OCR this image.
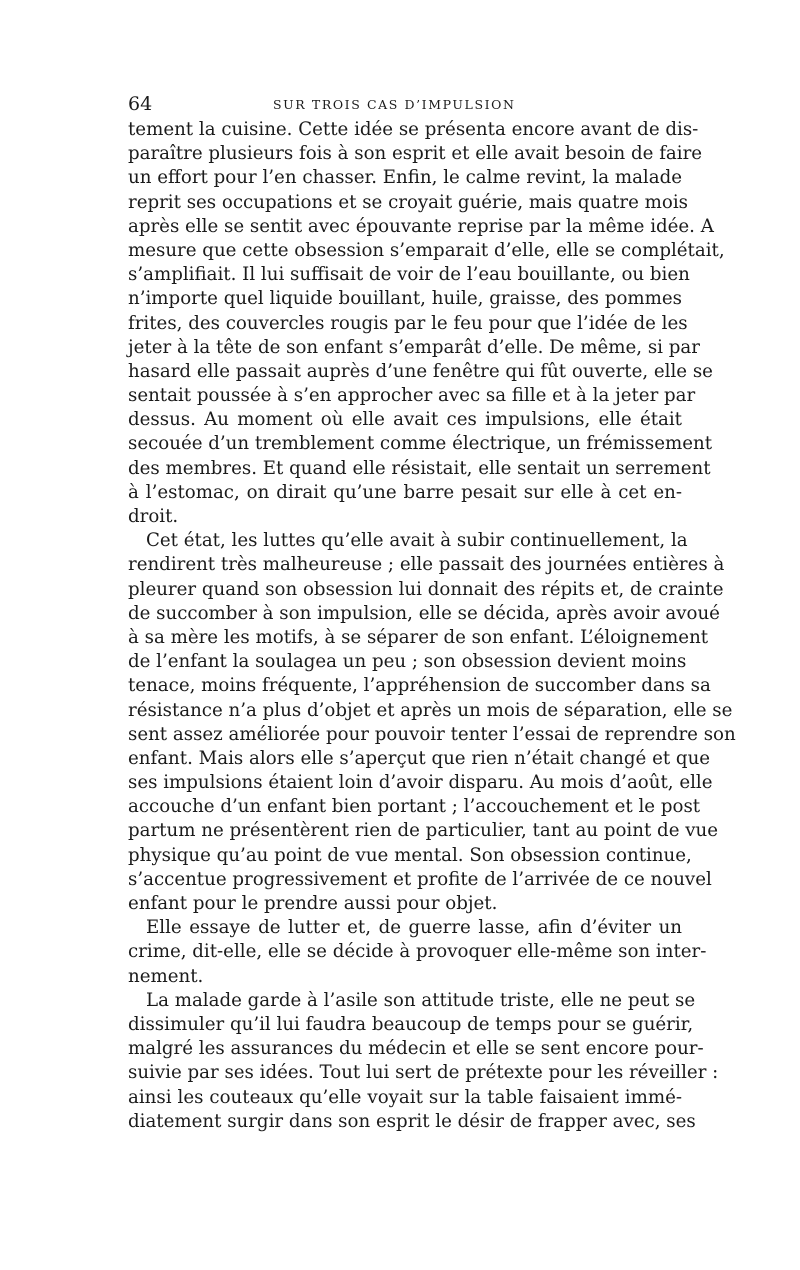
64	SUR TROIS CAS D’IMPULSION
tement la cuisine. Cette idée se présenta encore avant de dis-
paraître plusieurs fois à son esprit et elle avait besoin de faire
un effort pour l’en chasser. Enfin, le calme revint, la malade
reprit ses occupations et se croyait guérie, mais quatre mois
après elle se sentit avec épouvante reprise par la même idée. A
mesure que cette obsession s’emparait d’elle, elle se complétait,
s’amplifiait. Il lui suffisait de voir de l’eau bouillante, ou bien
n’importe quel liquide bouillant, huile, graisse, des pommes
frites, des couvercles rougis par le feu pour que l’idée de les
jeter à la tête de son enfant s’emparât d’elle. De même, si par
hasard elle passait auprès d’une fenêtre qui fût ouverte, elle se
sentait poussée à s’en approcher avec sa fille et à la jeter par
dessus. Au moment où elle avait ces impulsions, elle était
secouée d’un tremblement comme électrique, un frémissement
des membres. Et quand elle résistait, elle sentait un serrement
à l’estomac, on dirait qu’une barre pesait sur elle à cet en-
droit.
Cet état, les luttes qu’elle avait à subir continuellement, la
rendirent très malheureuse ; elle passait des journées entières à
pleurer quand son obsession lui donnait des répits et, de crainte
de succomber à son impulsion, elle se décida, après avoir avoué
à sa mère les motifs, à se séparer de son enfant. L’éloignement
de l’enfant la soulagea un peu ; son obsession devient moins
tenace, moins fréquente, l’appréhension de succomber dans sa
résistance n’a plus d’objet et après un mois de séparation, elle se
sent assez améliorée pour pouvoir tenter l’essai de reprendre son
enfant. Mais alors elle s’aperçut que rien n’était changé et que
ses impulsions étaient loin d’avoir disparu. Au mois d’août, elle
accouche d’un enfant bien portant ; l’accouchement et le post
partum ne présentèrent rien de particulier, tant au point de vue
physique qu’au point de vue mental. Son obsession continue,
s’accentue progressivement et profite de l’arrivée de ce nouvel
enfant pour le prendre aussi pour objet.
Elle essaye de lutter et, de guerre lasse, afin d’éviter un
crime, dit-elle, elle se décide à provoquer elle-même son inter-
nement.
La malade garde à l’asile son attitude triste, elle ne peut se
dissimuler qu’il lui faudra beaucoup de temps pour se guérir,
malgré les assurances du médecin et elle se sent encore pour-
suivie par ses idées. Tout lui sert de prétexte pour les réveiller :
ainsi les couteaux qu’elle voyait sur la table faisaient immé-
diatement surgir dans son esprit le désir de frapper avec, ses
